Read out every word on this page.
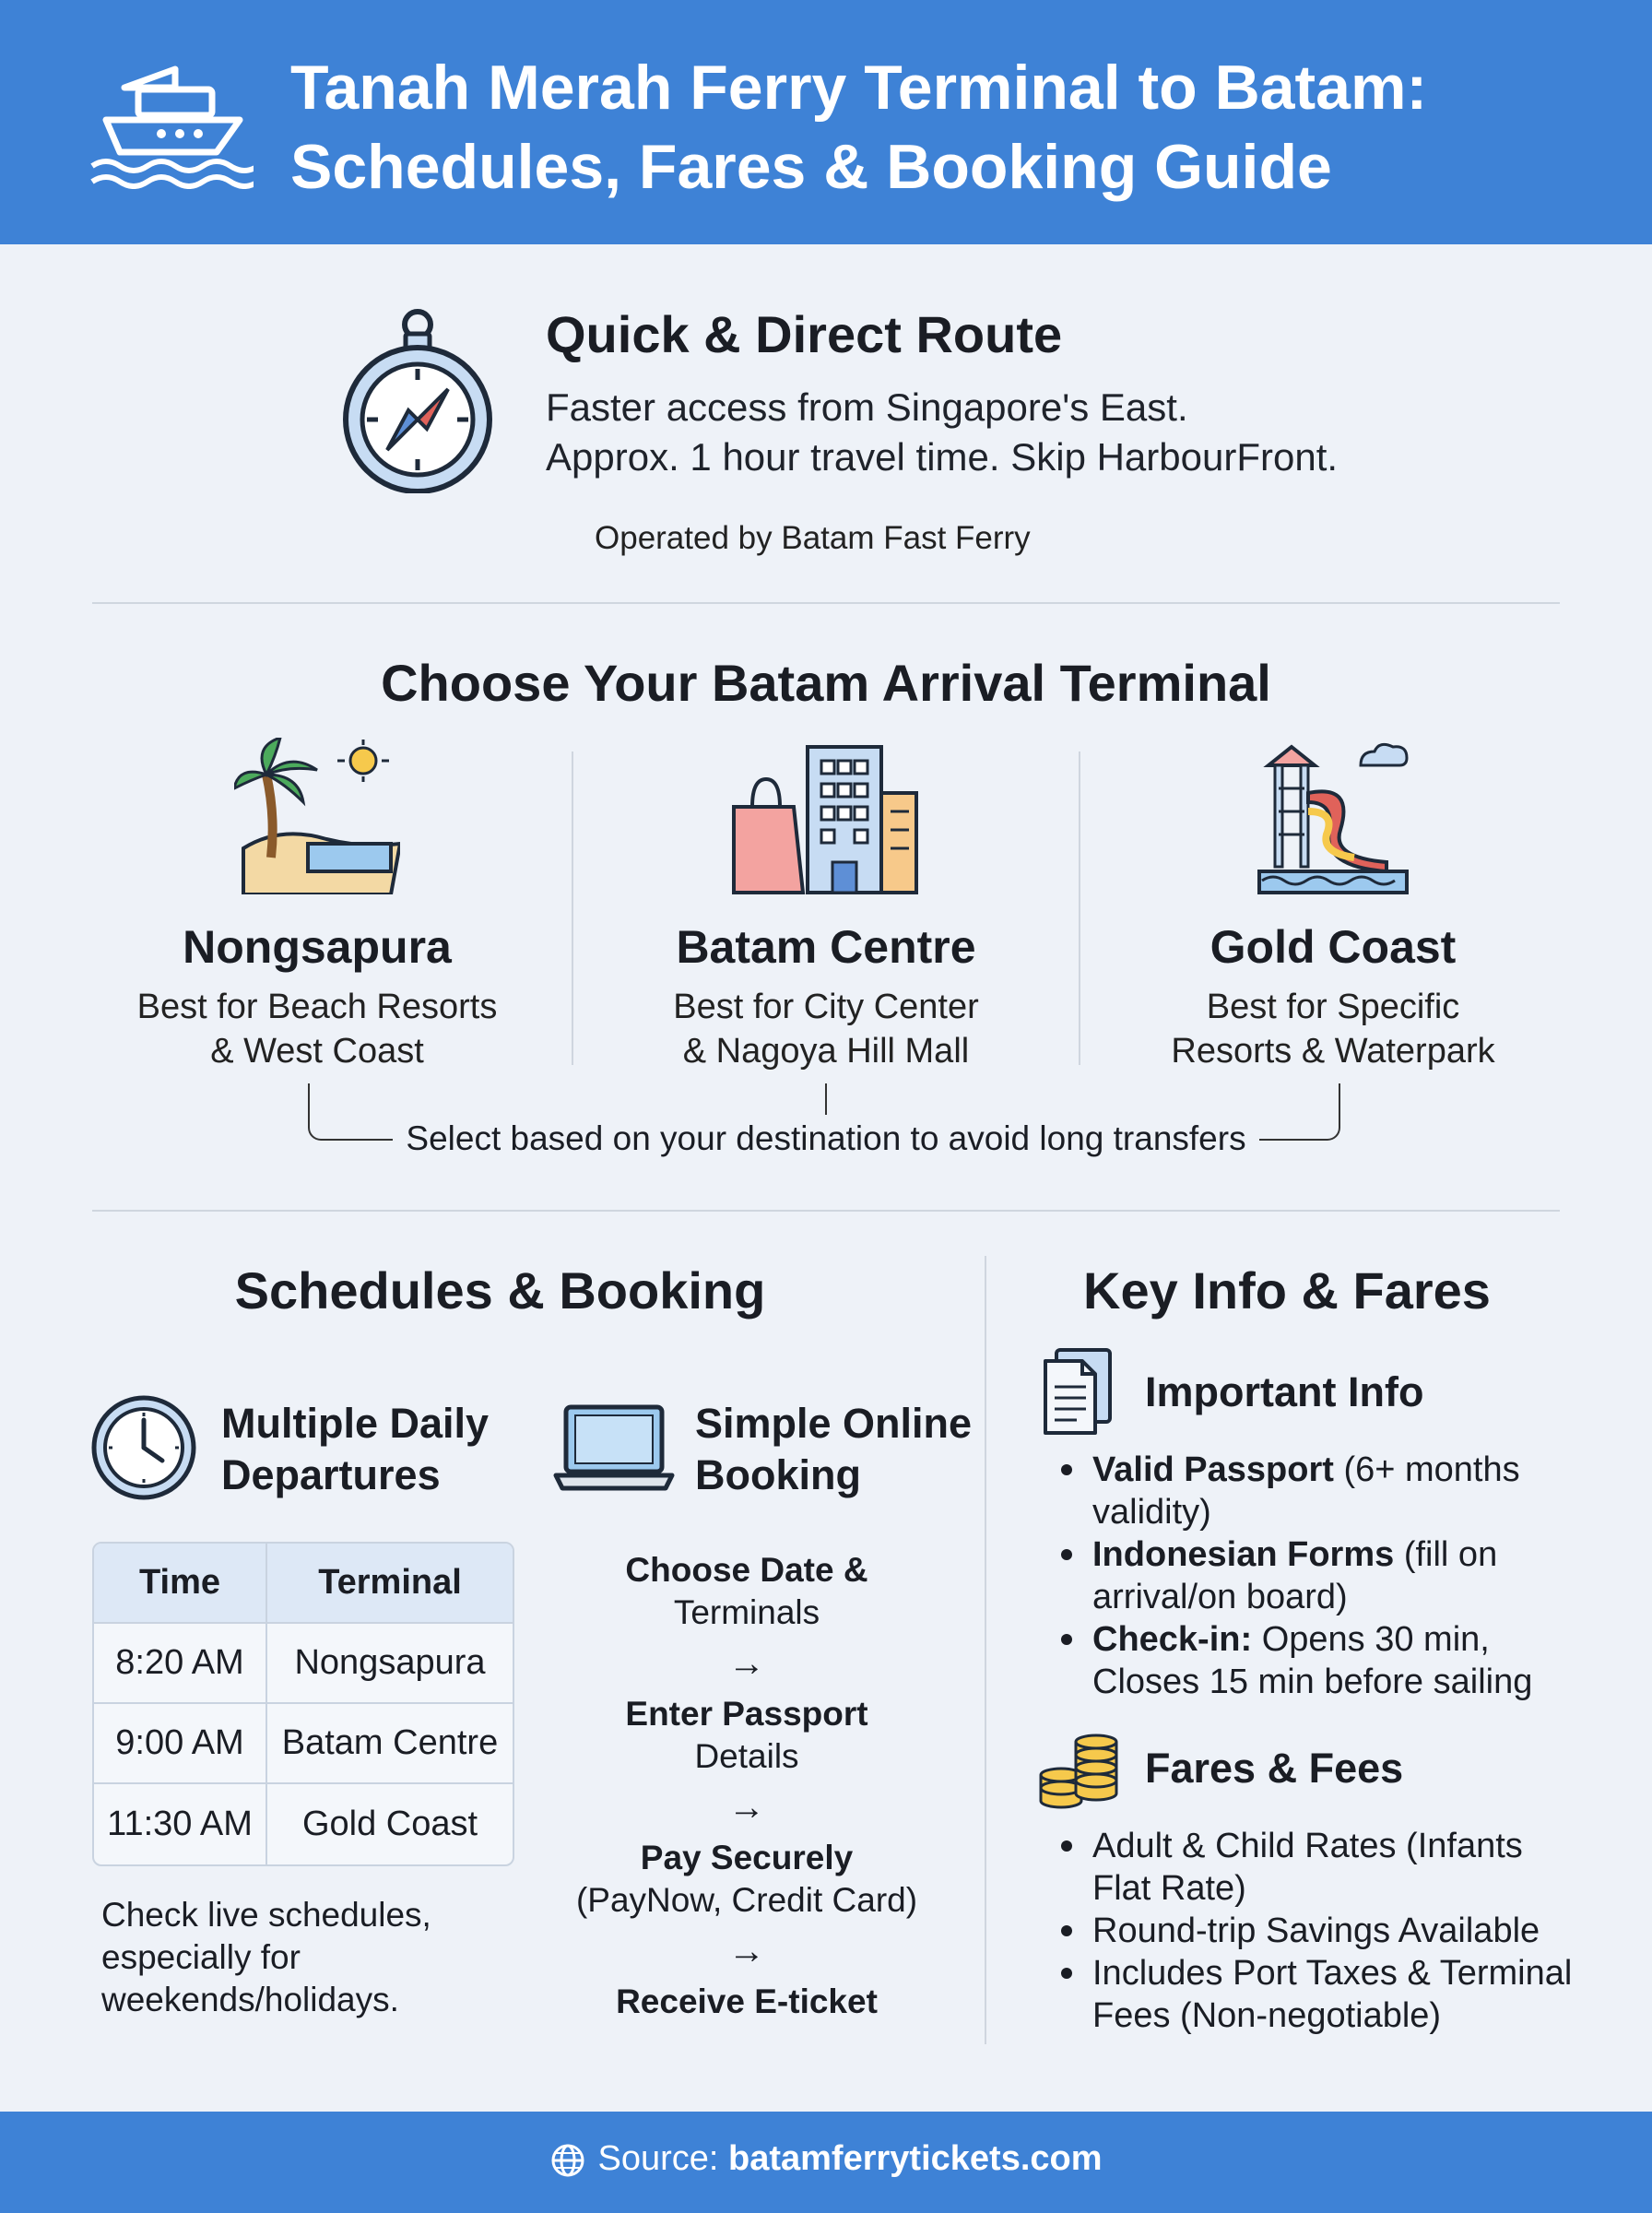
Tanah Merah Ferry Terminal to Batam:
Schedules, Fares & Booking Guide
Quick & Direct Route
Faster access from Singapore's East.
Approx. 1 hour travel time. Skip HarbourFront.
Operated by Batam Fast Ferry
Choose Your Batam Arrival Terminal
Nongsapura
Best for Beach Resorts
& West Coast
Batam Centre
Best for City Center
& Nagoya Hill Mall
Gold Coast
Best for Specific
Resorts & Waterpark
Select based on your destination to avoid long transfers
Schedules & Booking
Multiple Daily
Departures
Time	Terminal
8:20 AM	Nongsapura
9:00 AM	Batam Centre
11:30 AM	Gold Coast
Check live schedules,
especially for
weekends/holidays.
Simple Online
Booking
Choose Date &
Terminals
→
Enter Passport
Details
→
Pay Securely
(PayNow, Credit Card)
→
Receive E-ticket
Key Info & Fares
Important Info
Valid Passport (6+ months
validity)
Indonesian Forms (fill on
arrival/on board)
Check-in: Opens 30 min,
Closes 15 min before sailing
Fares & Fees
Adult & Child Rates (Infants
Flat Rate)
Round-trip Savings Available
Includes Port Taxes & Terminal
Fees (Non-negotiable)
Source: batamferrytickets.com
